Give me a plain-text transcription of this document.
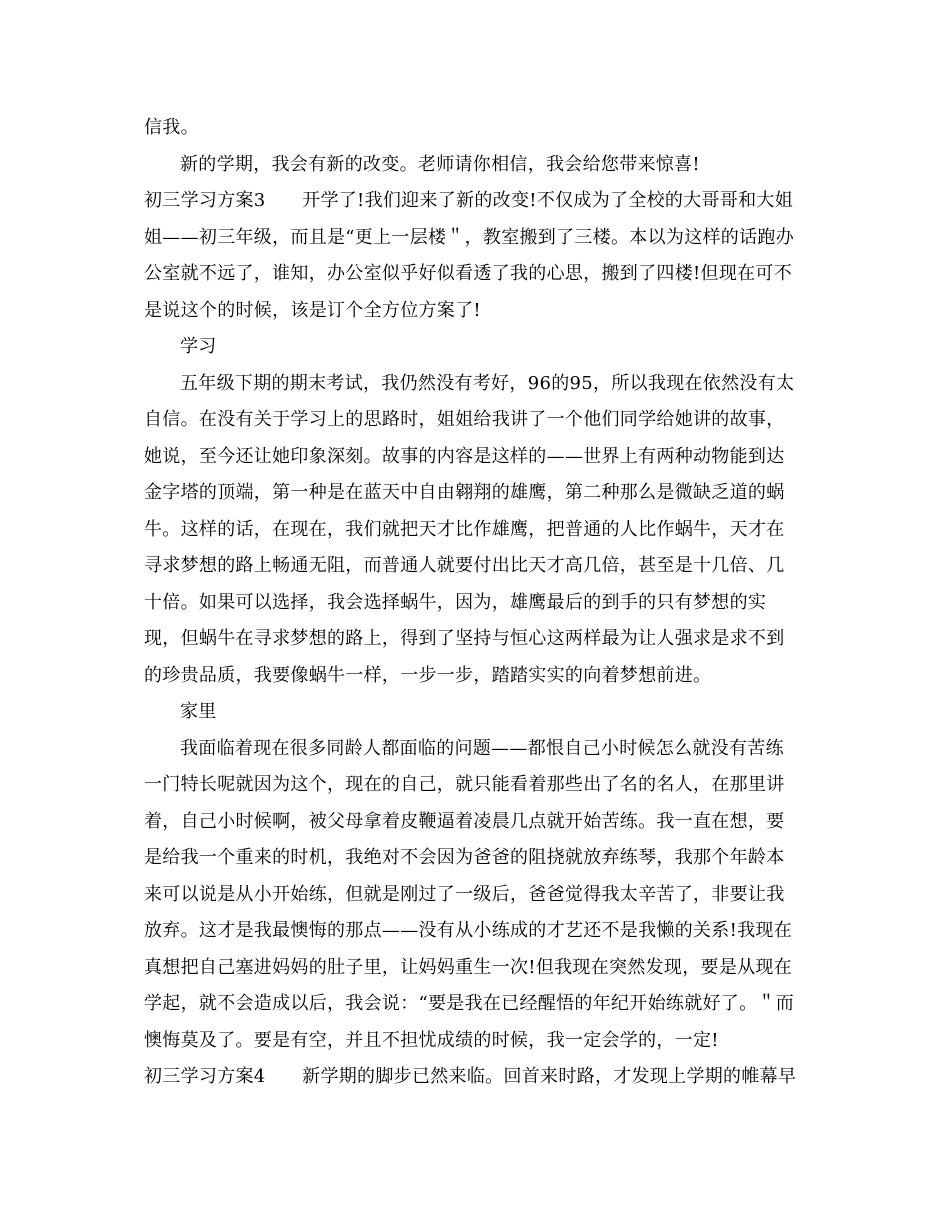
信我。
新的学期，我会有新的改变。老师请你相信，我会给您带来惊喜!
初三学习方案3　　开学了!我们迎来了新的改变!不仅成为了全校的大哥哥和大姐
姐——初三年级，而且是“更上一层楼＂，教室搬到了三楼。本以为这样的话跑办
公室就不远了，谁知，办公室似乎好似看透了我的心思，搬到了四楼!但现在可不
是说这个的时候，该是订个全方位方案了!
学习
五年级下期的期末考试，我仍然没有考好，96的95，所以我现在依然没有太
自信。在没有关于学习上的思路时，姐姐给我讲了一个他们同学给她讲的故事，
她说，至今还让她印象深刻。故事的内容是这样的——世界上有两种动物能到达
金字塔的顶端，第一种是在蓝天中自由翱翔的雄鹰，第二种那么是微缺乏道的蜗
牛。这样的话，在现在，我们就把天才比作雄鹰，把普通的人比作蜗牛，天才在
寻求梦想的路上畅通无阻，而普通人就要付出比天才高几倍，甚至是十几倍、几
十倍。如果可以选择，我会选择蜗牛，因为，雄鹰最后的到手的只有梦想的实
现，但蜗牛在寻求梦想的路上，得到了坚持与恒心这两样最为让人强求是求不到
的珍贵品质，我要像蜗牛一样，一步一步，踏踏实实的向着梦想前进。
家里
我面临着现在很多同龄人都面临的问题——都恨自己小时候怎么就没有苦练
一门特长呢就因为这个，现在的自己，就只能看着那些出了名的名人，在那里讲
着，自己小时候啊，被父母拿着皮鞭逼着凌晨几点就开始苦练。我一直在想，要
是给我一个重来的时机，我绝对不会因为爸爸的阻挠就放弃练琴，我那个年龄本
来可以说是从小开始练，但就是刚过了一级后，爸爸觉得我太辛苦了，非要让我
放弃。这才是我最懊悔的那点——没有从小练成的才艺还不是我懒的关系!我现在
真想把自己塞进妈妈的肚子里，让妈妈重生一次!但我现在突然发现，要是从现在
学起，就不会造成以后，我会说：“要是我在已经醒悟的年纪开始练就好了。＂而
懊悔莫及了。要是有空，并且不担忧成绩的时候，我一定会学的，一定!
初三学习方案4　　新学期的脚步已然来临。回首来时路，才发现上学期的帷幕早
